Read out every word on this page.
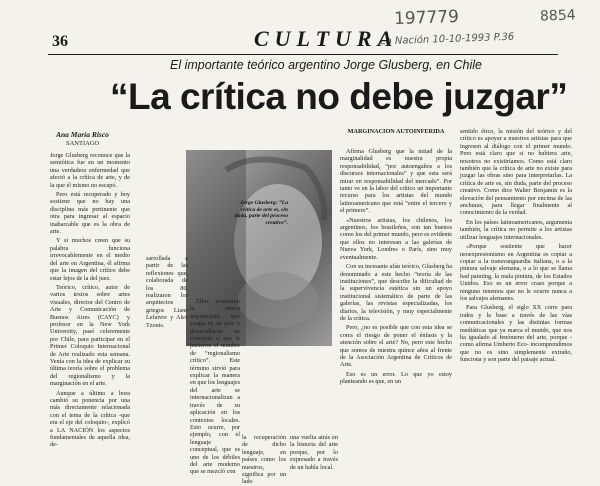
197779	8854
La Nación 10-10-1993 P.36
36	CULTURA
El importante teórico argentino Jorge Glusberg, en Chile
“La crítica no debe juzgar”
Ana María Risco
SANTIAGO

Jorge Glusberg reconoce que la semiótica fue en un momento una verdadera enfermedad que afectó a la crítica de arte, y de la que él mismo no escapó.

Pero está recuperado y hoy sostiene que no hay una disciplina más pertinente que otra para ingresar al espacio inabarcable que es la obra de arte.

Y si muchos creen que su palabra funciona irrevocablemente en el medio del arte en Argentina, él afirma que la imagen del crítico debe estar lejos de la del juez.

Teórico, crítico, autor de varios textos sobre artes visuales, director del Centro de Arte y Comunicación de Buenos Aires (CAYC) y profesor en la New York University, pasó celeremente por Chile, para participar en el Primer Coloquio Internacional de Arte realizado esta semana. Venía con la idea de explicar su última teoría sobre el problema del regionalismo y la marginación en el arte.

Aunque a último a hora cambió su ponencia por una más directamente relacionada con el tema de la crítica -que era el eje del coloquio-, explicó a LA NACIÓN los aspectos fundamentales de aquella idea, de-

Jorge Glusberg: “La crítica de arte es, sin duda, parte del proceso creativo”.

sarrollada a partir de las reflexiones que, colaborada de los 80, realizaron los arquitectos griegos Liane Lefaivre y Alex Tzonis.

Ellos evaluaron la nueva arquitectura que surgía en su país y desarrollaron un concepto al que le pusieron el nombre de “regionalismo crítico”. Este término sirvió para explicar la manera en que los lenguajes del arte se internacionalizan a través de su aplicación en los contextos locales. Esto ocurre, por ejemplo, con el lenguaje conceptual, que es uno de los débiles del arte moderno que se mezcló con

la recuperación de dicho lenguaje, en países como los nuestros, significa por un lado

una vuelta atrás en la historia del arte porque, por lo expresado a través de un habla local.

MARGINACION AUTOINFERIDA

Afirma Glusberg que la mitad de la marginalidad es nuestra propia responsabilidad, “por autoengaños a los discursos internacionales” y que esta será mirar en responsabilidad del mercado”. Por tanto ve en la labor del crítico un importante recurso para los artistas del mundo latinoamericano que está “entre el tercero y el primero”.

«Nuestros artistas, los chilenos, los argentinos, los brasileños, son tan buenos como los del primer mundo, pero es evidente que ellos no interesan a las galerías de Nueva York, Londres o París, sino muy eventualmente.

Con su incesante afán teórico, Glusberg ha denominado a este hecho “teoría de las instituciones”, que describe la dificultad de la supervivencia estética sin un apoyo institucional sistemático de parte de las galerías, las revistas especializadas, los diarios, la televisión, y muy especialmente de la crítica.

Pero, ¿no es posible que con esta idea se corra el riesgo de poner el énfasis y la atención sobre el arte? No, pero este hecho que somos de nuestra quince años al frente de la Asociación Argentina de Críticos de Arte.

Eso es un error. Lo que yo estoy planteando es que, en un

sentido ético, la misión del teórico y del crítico es apoyar a nuestros artistas para que ingresen al diálogo con el primer mundo. Pero está claro que si no hubiera arte, nosotros no existiríamos. Como está claro también que la crítica de arte no existe para juzgar las obras sino para interpretarlas. La crítica de arte es, sin duda, parte del proceso creativo. Como dice Walter Benjamin es la elevación del pensamiento por encima de las anchuras, para llegar finalmente al conocimiento de la verdad.

En los países latinoamericanos, argumenta también, la crítica no permite a los artistas utilizar lenguajes internacionales.

«Porque sostiente que hacer neoexpresionismo en Argentina es copiar a copiar a la transvanguardia italiana, o a la pintura salvaje alemana, o a lo que se llama bad painting, la mala pintura, de los Estados Unidos. Eso es un error craso porque a ninguno tenemos que no le ocurre nunca a los salvajes alemanes.

Para Glusberg, el siglo XX corre para todos y la base a través de las vías comunicacionales y las distintas formas mediáticas que ya marca el mundo, que nos ha igualado al fenómeno del arte, porque -como afirma Umberto Eco- incomprendimos que no es sino simplemente extraño, funciona y son parte del paisaje actual.
